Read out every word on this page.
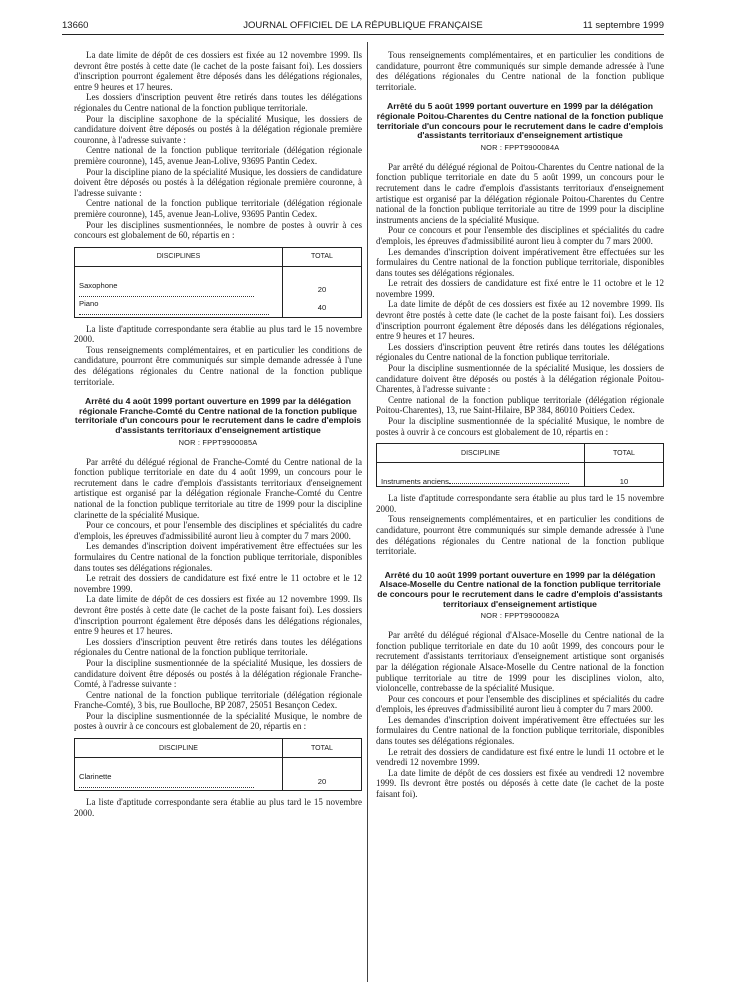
13660	JOURNAL OFFICIEL DE LA RÉPUBLIQUE FRANÇAISE	11 septembre 1999

La date limite de dépôt de ces dossiers est fixée au 12 novembre 1999. Ils devront être postés à cette date (le cachet de la poste faisant foi). Les dossiers d'inscription pourront également être déposés dans les délégations régionales, entre 9 heures et 17 heures.

Les dossiers d'inscription peuvent être retirés dans toutes les délégations régionales du Centre national de la fonction publique territoriale.

Pour la discipline saxophone de la spécialité Musique, les dossiers de candidature doivent être déposés ou postés à la délégation régionale première couronne, à l'adresse suivante :

Centre national de la fonction publique territoriale (délégation régionale première couronne), 145, avenue Jean-Lolive, 93695 Pantin Cedex.

Pour la discipline piano de la spécialité Musique, les dossiers de candidature doivent être déposés ou postés à la délégation régionale première couronne, à l'adresse suivante :

Centre national de la fonction publique territoriale (délégation régionale première couronne), 145, avenue Jean-Lolive, 93695 Pantin Cedex.

Pour les disciplines susmentionnées, le nombre de postes à ouvrir à ces concours est globalement de 60, répartis en :

DISCIPLINES	TOTAL

Saxophone	20
Piano	40

La liste d'aptitude correspondante sera établie au plus tard le 15 novembre 2000.

Tous renseignements complémentaires, et en particulier les conditions de candidature, pourront être communiqués sur simple demande adressée à l'une des délégations régionales du Centre national de la fonction publique territoriale.

Arrêté du 4 août 1999 portant ouverture en 1999 par la délégation régionale Franche-Comté du Centre national de la fonction publique territoriale d'un concours pour le recrutement dans le cadre d'emplois d'assistants territoriaux d'enseignement artistique
NOR : FPPT9900085A

Par arrêté du délégué régional de Franche-Comté du Centre national de la fonction publique territoriale en date du 4 août 1999, un concours pour le recrutement dans le cadre d'emplois d'assistants territoriaux d'enseignement artistique est organisé par la délégation régionale Franche-Comté du Centre national de la fonction publique territoriale au titre de 1999 pour la discipline clarinette de la spécialité Musique.

Pour ce concours, et pour l'ensemble des disciplines et spécialités du cadre d'emplois, les épreuves d'admissibilité auront lieu à compter du 7 mars 2000.

Les demandes d'inscription doivent impérativement être effectuées sur les formulaires du Centre national de la fonction publique territoriale, disponibles dans toutes ses délégations régionales.

Le retrait des dossiers de candidature est fixé entre le 11 octobre et le 12 novembre 1999.

La date limite de dépôt de ces dossiers est fixée au 12 novembre 1999. Ils devront être postés à cette date (le cachet de la poste faisant foi). Les dossiers d'inscription pourront également être déposés dans les délégations régionales, entre 9 heures et 17 heures.

Les dossiers d'inscription peuvent être retirés dans toutes les délégations régionales du Centre national de la fonction publique territoriale.

Pour la discipline susmentionnée de la spécialité Musique, les dossiers de candidature doivent être déposés ou postés à la délégation régionale Franche-Comté, à l'adresse suivante :

Centre national de la fonction publique territoriale (délégation régionale Franche-Comté), 3 bis, rue Boulloche, BP 2087, 25051 Besançon Cedex.

Pour la discipline susmentionnée de la spécialité Musique, le nombre de postes à ouvrir à ce concours est globalement de 20, répartis en :

DISCIPLINE	TOTAL

Clarinette	20

La liste d'aptitude correspondante sera établie au plus tard le 15 novembre 2000.

Tous renseignements complémentaires, et en particulier les conditions de candidature, pourront être communiqués sur simple demande adressée à l'une des délégations régionales du Centre national de la fonction publique territoriale.

Arrêté du 5 août 1999 portant ouverture en 1999 par la délégation régionale Poitou-Charentes du Centre national de la fonction publique territoriale d'un concours pour le recrutement dans le cadre d'emplois d'assistants territoriaux d'enseignement artistique
NOR : FPPT9900084A

Par arrêté du délégué régional de Poitou-Charentes du Centre national de la fonction publique territoriale en date du 5 août 1999, un concours pour le recrutement dans le cadre d'emplois d'assistants territoriaux d'enseignement artistique est organisé par la délégation régionale Poitou-Charentes du Centre national de la fonction publique territoriale au titre de 1999 pour la discipline instruments anciens de la spécialité Musique.

Pour ce concours et pour l'ensemble des disciplines et spécialités du cadre d'emplois, les épreuves d'admissibilité auront lieu à compter du 7 mars 2000.

Les demandes d'inscription doivent impérativement être effectuées sur les formulaires du Centre national de la fonction publique territoriale, disponibles dans toutes ses délégations régionales.

Le retrait des dossiers de candidature est fixé entre le 11 octobre et le 12 novembre 1999.

La date limite de dépôt de ces dossiers est fixée au 12 novembre 1999. Ils devront être postés à cette date (le cachet de la poste faisant foi). Les dossiers d'inscription pourront également être déposés dans les délégations régionales, entre 9 heures et 17 heures.

Les dossiers d'inscription peuvent être retirés dans toutes les délégations régionales du Centre national de la fonction publique territoriale.

Pour la discipline susmentionnée de la spécialité Musique, les dossiers de candidature doivent être déposés ou postés à la délégation régionale Poitou-Charentes, à l'adresse suivante :

Centre national de la fonction publique territoriale (délégation régionale Poitou-Charentes), 13, rue Saint-Hilaire, BP 384, 86010 Poitiers Cedex.

Pour la discipline susmentionnée de la spécialité Musique, le nombre de postes à ouvrir à ce concours est globalement de 10, répartis en :

DISCIPLINE	TOTAL

Instruments anciens	10

La liste d'aptitude correspondante sera établie au plus tard le 15 novembre 2000.

Tous renseignements complémentaires, et en particulier les conditions de candidature, pourront être communiqués sur simple demande adressée à l'une des délégations régionales du Centre national de la fonction publique territoriale.

Arrêté du 10 août 1999 portant ouverture en 1999 par la délégation Alsace-Moselle du Centre national de la fonction publique territoriale de concours pour le recrutement dans le cadre d'emplois d'assistants territoriaux d'enseignement artistique
NOR : FPPT9900082A

Par arrêté du délégué régional d'Alsace-Moselle du Centre national de la fonction publique territoriale en date du 10 août 1999, des concours pour le recrutement d'assistants territoriaux d'enseignement artistique sont organisés par la délégation régionale Alsace-Moselle du Centre national de la fonction publique territoriale au titre de 1999 pour les disciplines violon, alto, violoncelle, contrebasse de la spécialité Musique.

Pour ces concours et pour l'ensemble des disciplines et spécialités du cadre d'emplois, les épreuves d'admissibilité auront lieu à compter du 7 mars 2000.

Les demandes d'inscription doivent impérativement être effectuées sur les formulaires du Centre national de la fonction publique territoriale, disponibles dans toutes ses délégations régionales.

Le retrait des dossiers de candidature est fixé entre le lundi 11 octobre et le vendredi 12 novembre 1999.

La date limite de dépôt de ces dossiers est fixée au vendredi 12 novembre 1999. Ils devront être postés ou déposés à cette date (le cachet de la poste faisant foi).
